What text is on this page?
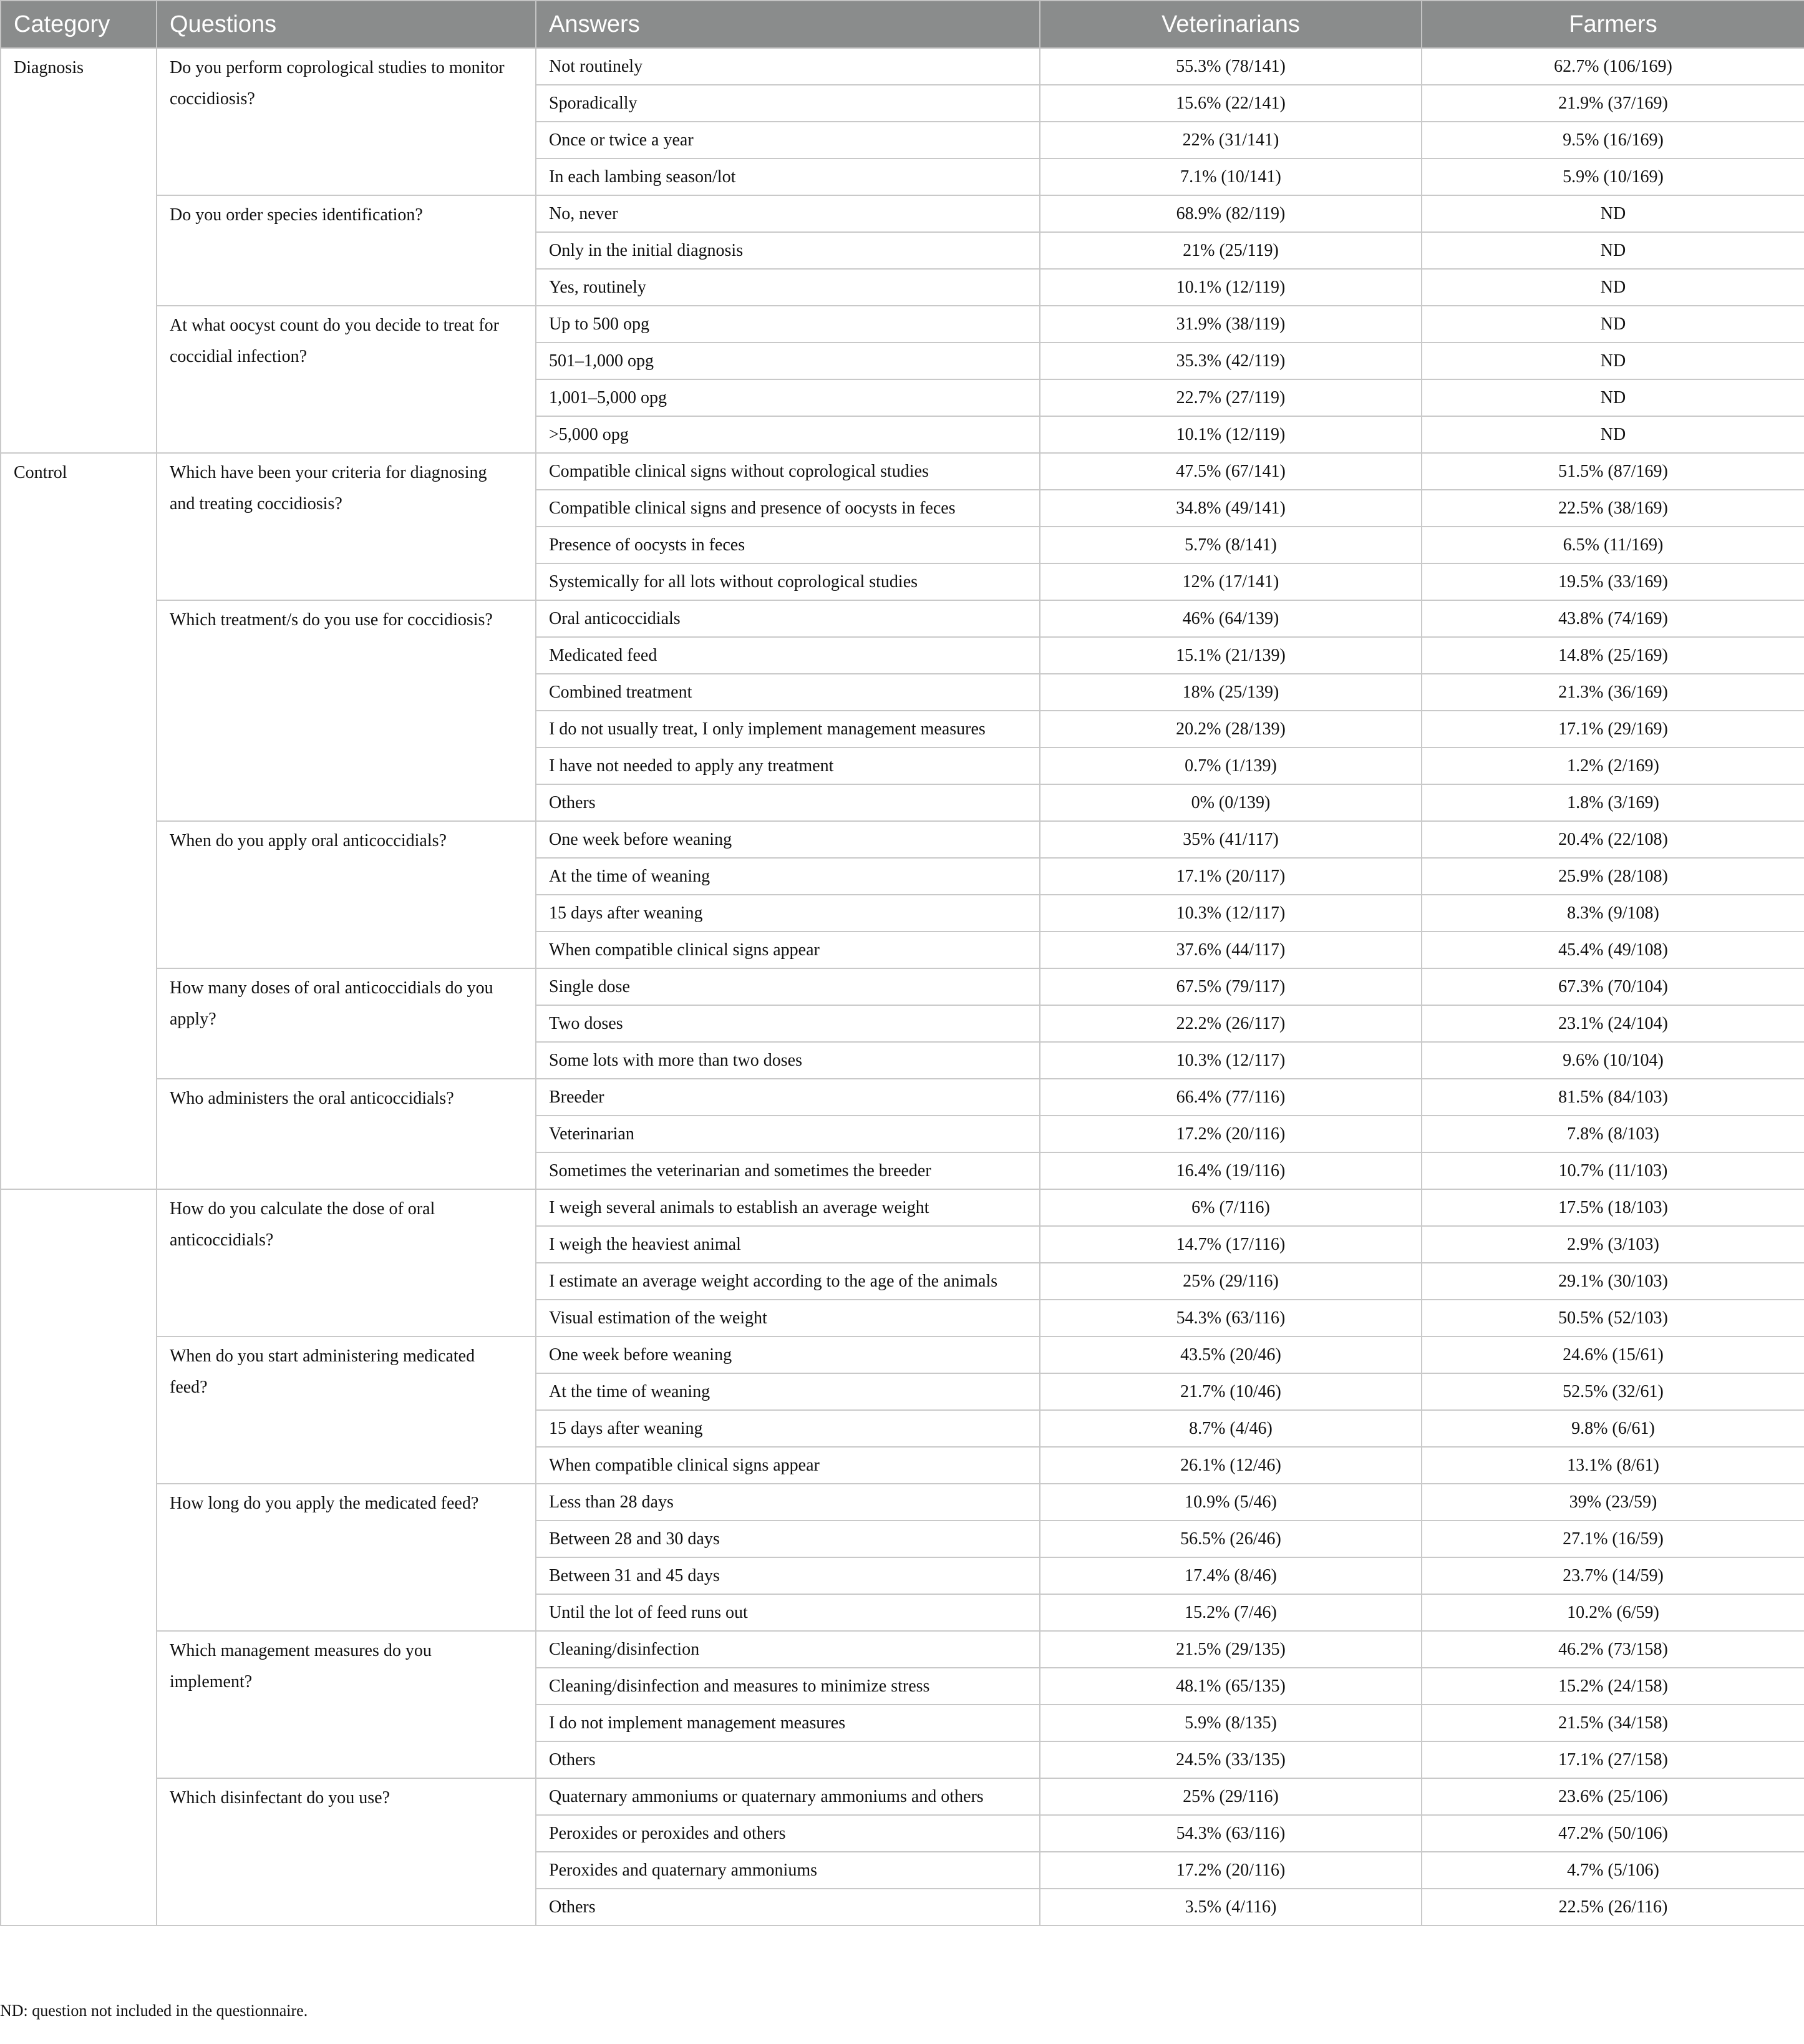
Category	Questions	Answers	Veterinarians	Farmers
Diagnosis	Do you perform coprological studies to monitor coccidiosis?	Not routinely	55.3% (78/141)	62.7% (106/169)
		Sporadically	15.6% (22/141)	21.9% (37/169)
		Once or twice a year	22% (31/141)	9.5% (16/169)
		In each lambing season/lot	7.1% (10/141)	5.9% (10/169)
	Do you order species identification?	No, never	68.9% (82/119)	ND
		Only in the initial diagnosis	21% (25/119)	ND
		Yes, routinely	10.1% (12/119)	ND
	At what oocyst count do you decide to treat for coccidial infection?	Up to 500 opg	31.9% (38/119)	ND
		501–1,000 opg	35.3% (42/119)	ND
		1,001–5,000 opg	22.7% (27/119)	ND
		>5,000 opg	10.1% (12/119)	ND
Control	Which have been your criteria for diagnosing and treating coccidiosis?	Compatible clinical signs without coprological studies	47.5% (67/141)	51.5% (87/169)
		Compatible clinical signs and presence of oocysts in feces	34.8% (49/141)	22.5% (38/169)
		Presence of oocysts in feces	5.7% (8/141)	6.5% (11/169)
		Systemically for all lots without coprological studies	12% (17/141)	19.5% (33/169)
	Which treatment/s do you use for coccidiosis?	Oral anticoccidials	46% (64/139)	43.8% (74/169)
		Medicated feed	15.1% (21/139)	14.8% (25/169)
		Combined treatment	18% (25/139)	21.3% (36/169)
		I do not usually treat, I only implement management measures	20.2% (28/139)	17.1% (29/169)
		I have not needed to apply any treatment	0.7% (1/139)	1.2% (2/169)
		Others	0% (0/139)	1.8% (3/169)
	When do you apply oral anticoccidials?	One week before weaning	35% (41/117)	20.4% (22/108)
		At the time of weaning	17.1% (20/117)	25.9% (28/108)
		15 days after weaning	10.3% (12/117)	8.3% (9/108)
		When compatible clinical signs appear	37.6% (44/117)	45.4% (49/108)
	How many doses of oral anticoccidials do you apply?	Single dose	67.5% (79/117)	67.3% (70/104)
		Two doses	22.2% (26/117)	23.1% (24/104)
		Some lots with more than two doses	10.3% (12/117)	9.6% (10/104)
	Who administers the oral anticoccidials?	Breeder	66.4% (77/116)	81.5% (84/103)
		Veterinarian	17.2% (20/116)	7.8% (8/103)
		Sometimes the veterinarian and sometimes the breeder	16.4% (19/116)	10.7% (11/103)
	How do you calculate the dose of oral anticoccidials?	I weigh several animals to establish an average weight	6% (7/116)	17.5% (18/103)
		I weigh the heaviest animal	14.7% (17/116)	2.9% (3/103)
		I estimate an average weight according to the age of the animals	25% (29/116)	29.1% (30/103)
		Visual estimation of the weight	54.3% (63/116)	50.5% (52/103)
	When do you start administering medicated feed?	One week before weaning	43.5% (20/46)	24.6% (15/61)
		At the time of weaning	21.7% (10/46)	52.5% (32/61)
		15 days after weaning	8.7% (4/46)	9.8% (6/61)
		When compatible clinical signs appear	26.1% (12/46)	13.1% (8/61)
	How long do you apply the medicated feed?	Less than 28 days	10.9% (5/46)	39% (23/59)
		Between 28 and 30 days	56.5% (26/46)	27.1% (16/59)
		Between 31 and 45 days	17.4% (8/46)	23.7% (14/59)
		Until the lot of feed runs out	15.2% (7/46)	10.2% (6/59)
	Which management measures do you implement?	Cleaning/disinfection	21.5% (29/135)	46.2% (73/158)
		Cleaning/disinfection and measures to minimize stress	48.1% (65/135)	15.2% (24/158)
		I do not implement management measures	5.9% (8/135)	21.5% (34/158)
		Others	24.5% (33/135)	17.1% (27/158)
	Which disinfectant do you use?	Quaternary ammoniums or quaternary ammoniums and others	25% (29/116)	23.6% (25/106)
		Peroxides or peroxides and others	54.3% (63/116)	47.2% (50/106)
		Peroxides and quaternary ammoniums	17.2% (20/116)	4.7% (5/106)
		Others	3.5% (4/116)	22.5% (26/116)
ND: question not included in the questionnaire.
